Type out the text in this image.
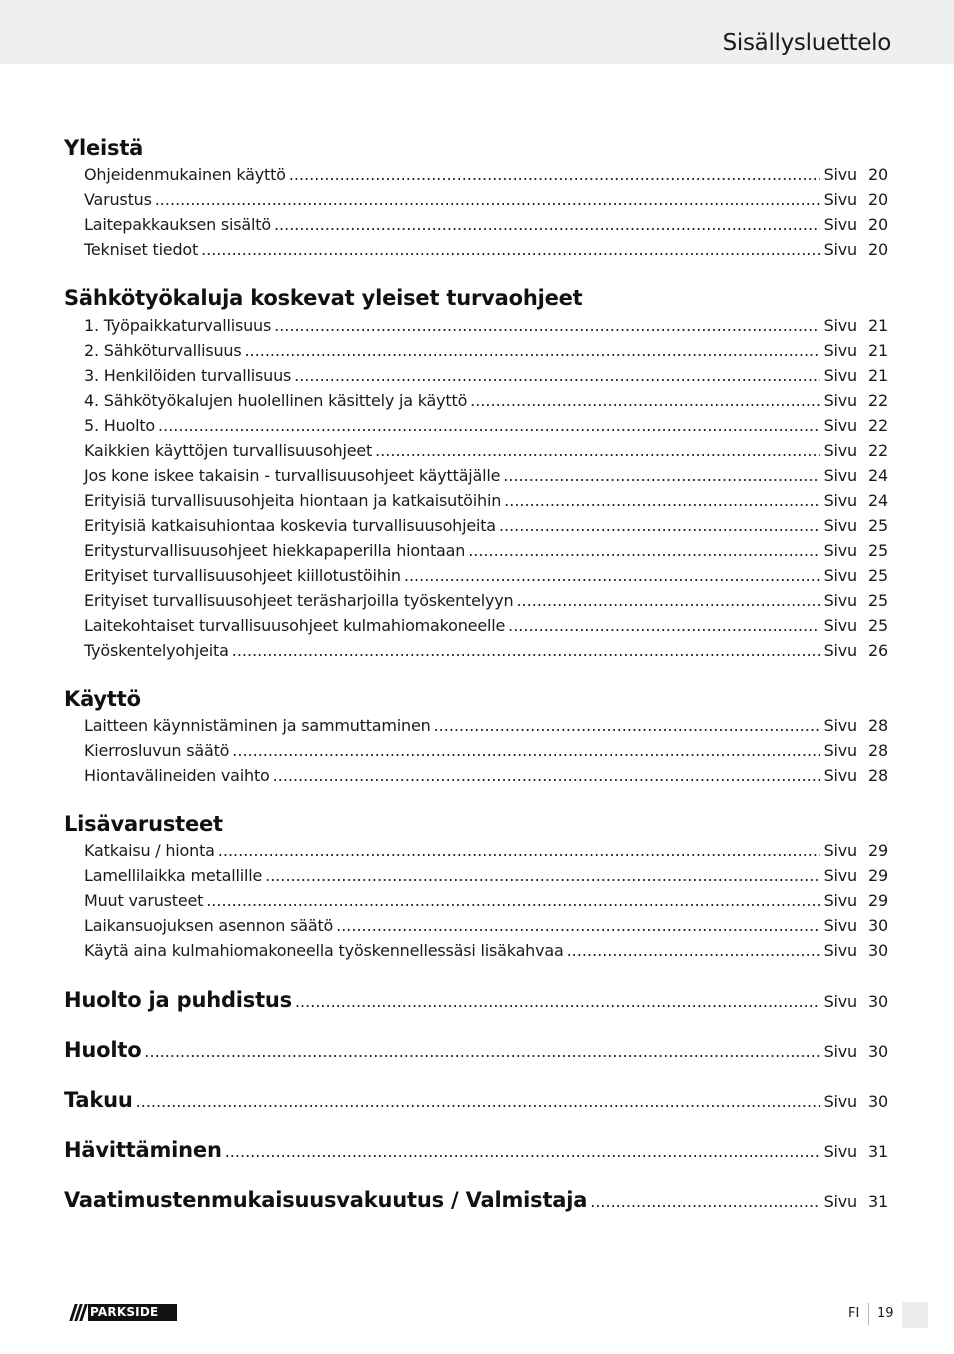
Sisällysluettelo
Yleistä
Ohjeidenmukainen käyttö .....	Sivu 20
Varustus .....	Sivu 20
Laitepakkauksen sisältö .....	Sivu 20
Tekniset tiedot .....	Sivu 20
Sähkötyökaluja koskevat yleiset turvaohjeet
1. Työpaikkaturvallisuus .....	Sivu 21
2. Sähköturvallisuus .....	Sivu 21
3. Henkilöiden turvallisuus .....	Sivu 21
4. Sähkötyökalujen huolellinen käsittely ja käyttö .....	Sivu 22
5. Huolto .....	Sivu 22
Kaikkien käyttöjen turvallisuusohjeet .....	Sivu 22
Jos kone iskee takaisin - turvallisuusohjeet käyttäjälle .....	Sivu 24
Erityisiä turvallisuusohjeita hiontaan ja katkaisutöihin .....	Sivu 24
Erityisiä katkaisuhiontaa koskevia turvallisuusohjeita .....	Sivu 25
Eritysturvallisuusohjeet hiekkapaperilla hiontaan .....	Sivu 25
Erityiset turvallisuusohjeet kiillotustöihin .....	Sivu 25
Erityiset turvallisuusohjeet teräsharjoilla työskentelyyn .....	Sivu 25
Laitekohtaiset turvallisuusohjeet kulmahiomakoneelle .....	Sivu 25
Työskentelyohjeita .....	Sivu 26
Käyttö
Laitteen käynnistäminen ja sammuttaminen .....	Sivu 28
Kierrosluvun säätö .....	Sivu 28
Hiontavälineiden vaihto .....	Sivu 28
Lisävarusteet
Katkaisu / hionta .....	Sivu 29
Lamellilaikka metallille .....	Sivu 29
Muut varusteet .....	Sivu 29
Laikansuojuksen asennon säätö .....	Sivu 30
Käytä aina kulmahiomakoneella työskennellessäsi lisäkahvaa .....	Sivu 30
Huolto ja puhdistus .....	Sivu 30
Huolto .....	Sivu 30
Takuu .....	Sivu 30
Hävittäminen .....	Sivu 31
Vaatimustenmukaisuusvakuutus / Valmistaja .....	Sivu 31
PARKSIDE	FI 19
